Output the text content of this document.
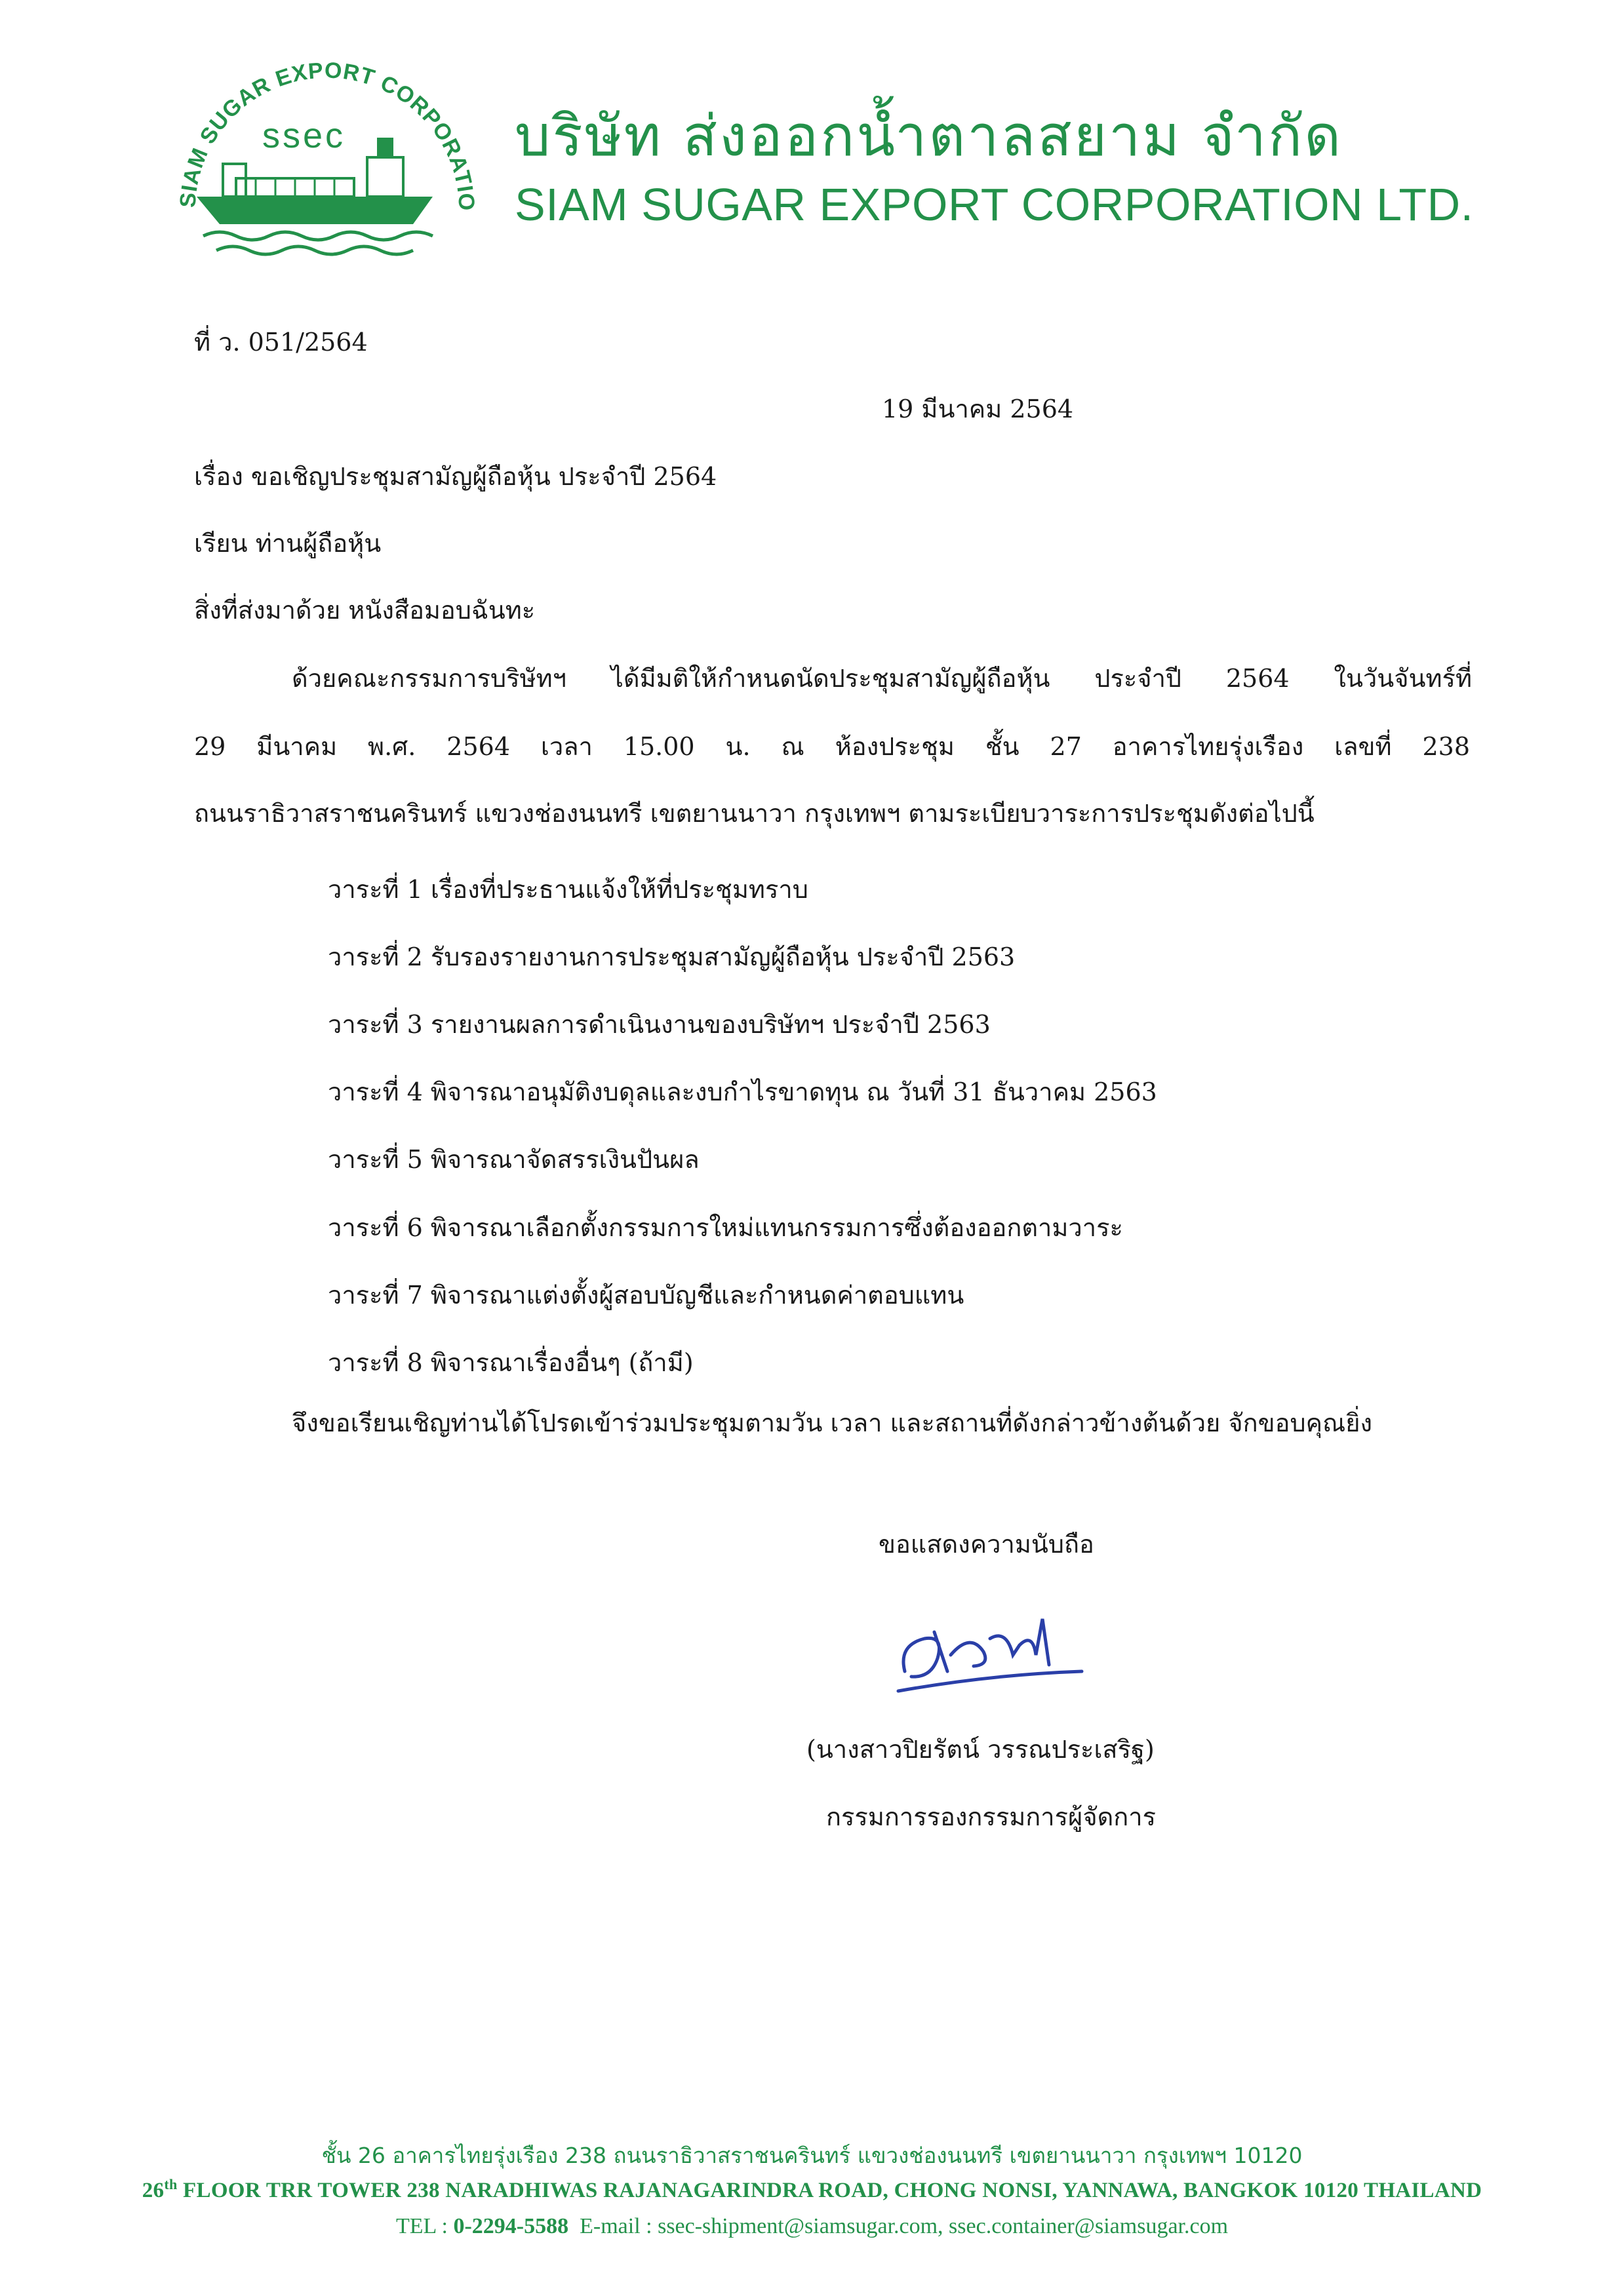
SIAM SUGAR EXPORT CORPORATIO
ssec	บริษัท ส่งออกน้ำตาลสยาม จำกัด
SIAM SUGAR EXPORT CORPORATION LTD.
ที่ ว. 051/2564
19 มีนาคม 2564
เรื่อง ขอเชิญประชุมสามัญผู้ถือหุ้น ประจำปี 2564
เรียน ท่านผู้ถือหุ้น
สิ่งที่ส่งมาด้วย หนังสือมอบฉันทะ
ด้วยคณะกรรมการบริษัทฯ ได้มีมติให้กำหนดนัดประชุมสามัญผู้ถือหุ้น ประจำปี 2564 ในวันจันทร์ที่
29 มีนาคม พ.ศ. 2564 เวลา 15.00 น. ณ ห้องประชุม ชั้น 27 อาคารไทยรุ่งเรือง เลขที่ 238
ถนนราธิวาสราชนครินทร์ แขวงช่องนนทรี เขตยานนาวา กรุงเทพฯ ตามระเบียบวาระการประชุมดังต่อไปนี้
วาระที่ 1 เรื่องที่ประธานแจ้งให้ที่ประชุมทราบ
วาระที่ 2 รับรองรายงานการประชุมสามัญผู้ถือหุ้น ประจำปี 2563
วาระที่ 3 รายงานผลการดำเนินงานของบริษัทฯ ประจำปี 2563
วาระที่ 4 พิจารณาอนุมัติงบดุลและงบกำไรขาดทุน ณ วันที่ 31 ธันวาคม 2563
วาระที่ 5 พิจารณาจัดสรรเงินปันผล
วาระที่ 6 พิจารณาเลือกตั้งกรรมการใหม่แทนกรรมการซึ่งต้องออกตามวาระ
วาระที่ 7 พิจารณาแต่งตั้งผู้สอบบัญชีและกำหนดค่าตอบแทน
วาระที่ 8 พิจารณาเรื่องอื่นๆ (ถ้ามี)
จึงขอเรียนเชิญท่านได้โปรดเข้าร่วมประชุมตามวัน เวลา และสถานที่ดังกล่าวข้างต้นด้วย จักขอบคุณยิ่ง
ขอแสดงความนับถือ
(นางสาวปิยรัตน์ วรรณประเสริฐ)
กรรมการรองกรรมการผู้จัดการ
ชั้น 26 อาคารไทยรุ่งเรือง 238 ถนนราธิวาสราชนครินทร์ แขวงช่องนนทรี เขตยานนาวา กรุงเทพฯ 10120
26th FLOOR TRR TOWER 238 NARADHIWAS RAJANAGARINDRA ROAD, CHONG NONSI, YANNAWA, BANGKOK 10120 THAILAND
TEL : 0-2294-5588  E-mail : ssec-shipment@siamsugar.com, ssec.container@siamsugar.com
